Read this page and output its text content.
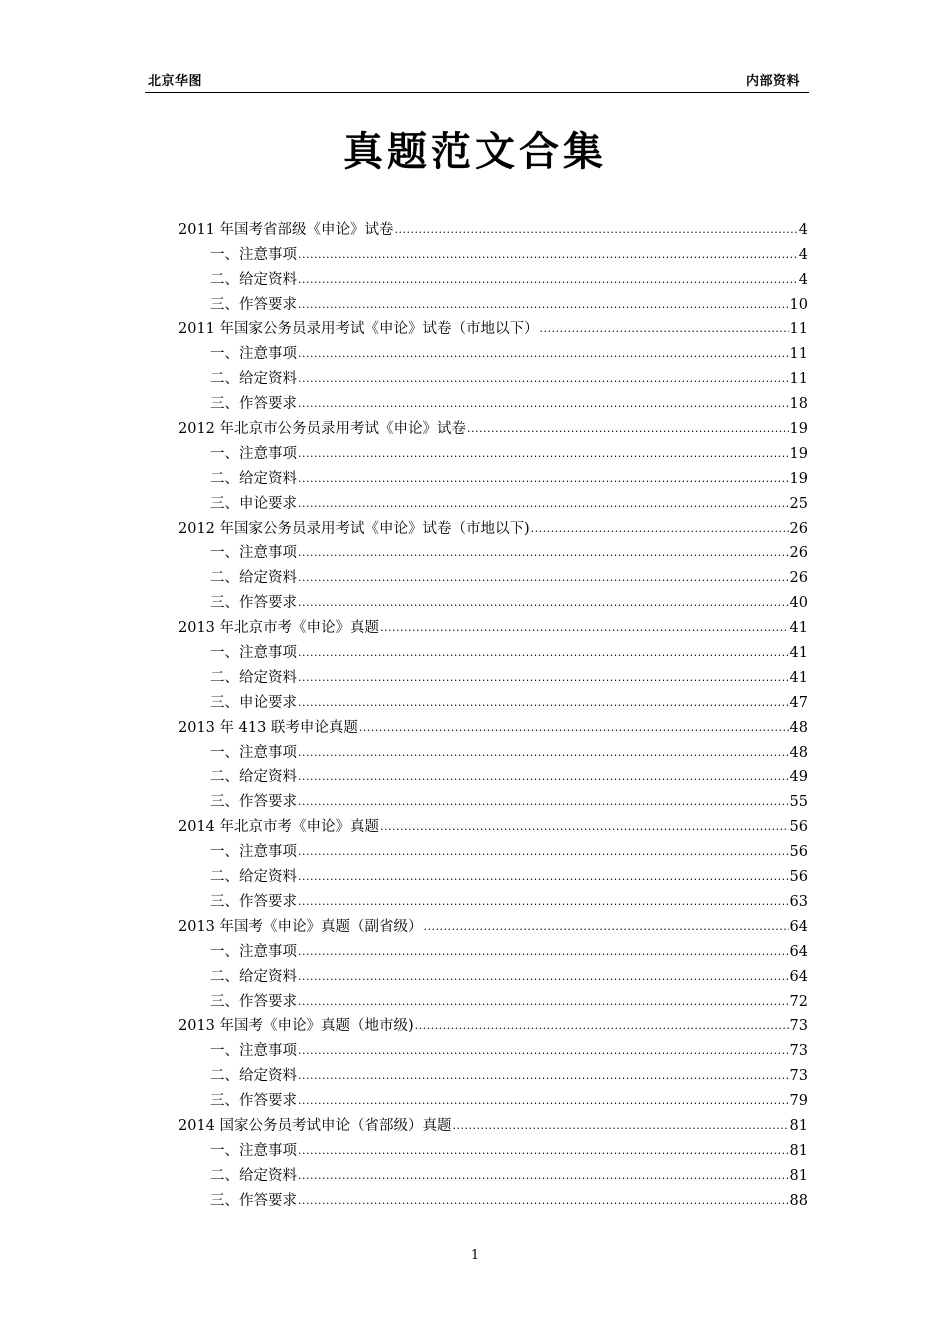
北京华图	内部资料
真题范文合集
2011 年国考省部级《申论》试卷 .....	4
一、注意事项 .....	4
二、给定资料 .....	4
三、作答要求 .....	10
2011 年国家公务员录用考试《申论》试卷（市地以下） .....	11
一、注意事项 .....	11
二、给定资料 .....	11
三、作答要求 .....	18
2012 年北京市公务员录用考试《申论》试卷 .....	19
一、注意事项 .....	19
二、给定资料 .....	19
三、申论要求 .....	25
2012 年国家公务员录用考试《申论》试卷（市地以下) .....	26
一、注意事项 .....	26
二、给定资料 .....	26
三、作答要求 .....	40
2013 年北京市考《申论》真题 .....	41
一、注意事项 .....	41
二、给定资料 .....	41
三、申论要求 .....	47
2013 年 413 联考申论真题 .....	48
一、注意事项 .....	48
二、给定资料 .....	49
三、作答要求 .....	55
2014 年北京市考《申论》真题 .....	56
一、注意事项 .....	56
二、给定资料 .....	56
三、作答要求 .....	63
2013 年国考《申论》真题（副省级） .....	64
一、注意事项 .....	64
二、给定资料 .....	64
三、作答要求 .....	72
2013 年国考《申论》真题（地市级) .....	73
一、注意事项 .....	73
二、给定资料 .....	73
三、作答要求 .....	79
2014 国家公务员考试申论（省部级）真题 .....	81
一、注意事项 .....	81
二、给定资料 .....	81
三、作答要求 .....	88
1
